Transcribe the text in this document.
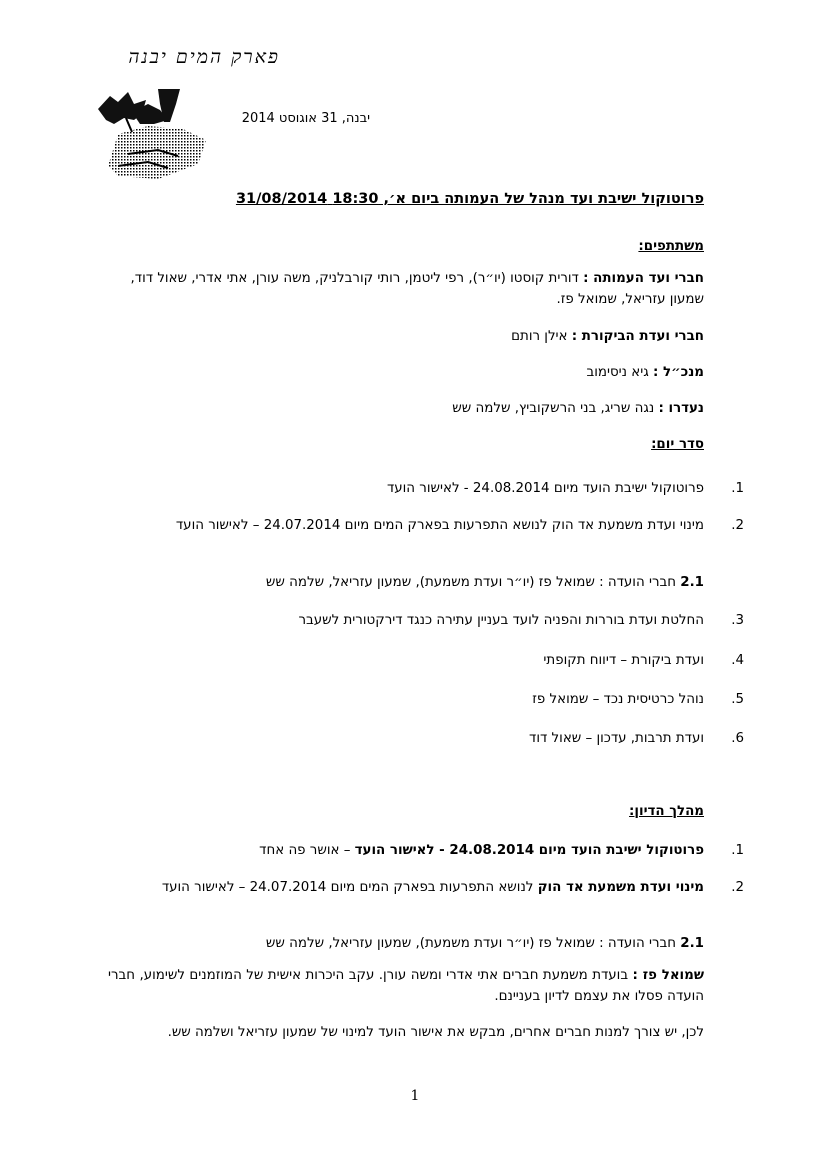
פארק המים יבנה
יבנה, 31 אוגוסט 2014
פרוטוקול ישיבת ועד מנהל של העמותה ביום א׳, 18:30 31/08/2014
משתתפים:
חברי ועד העמותה : דורית קוסטו (יו״ר), רפי ליטמן, רותי קורבלניק, משה עורן, אתי אדרי, שאול דוד, שמעון עזריאל, שמואל פז.
חברי ועדת הביקורת : אילן רותם
מנכ״ל : גיא ניסימוב
נעדרו : נגה שריג, בני הרשקוביץ, שלמה שש
סדר יום:
1.
פרוטוקול ישיבת הועד מיום 24.08.2014 - לאישור הועד
2.
מינוי ועדת משמעת אד הוק לנושא התפרעות בפארק המים מיום 24.07.2014 – לאישור הועד
2.1 חברי הועדה : שמואל פז (יו״ר ועדת משמעת), שמעון עזריאל, שלמה שש
3.
החלטת ועדת בוררות והפניה לועד בעניין עתירה כנגד דירקטורית לשעבר
4.
ועדת ביקורת – דיווח תקופתי
5.
נוהל כרטיסית נכד – שמואל פז
6.
ועדת תרבות, עדכון – שאול דוד
מהלך הדיון:
1.
פרוטוקול ישיבת הועד מיום 24.08.2014 - לאישור הועד – אושר פה אחד
2.
מינוי ועדת משמעת אד הוק לנושא התפרעות בפארק המים מיום 24.07.2014 – לאישור הועד
2.1 חברי הועדה : שמואל פז (יו״ר ועדת משמעת), שמעון עזריאל, שלמה שש
שמואל פז : בועדת משמעת חברים אתי אדרי ומשה עורן. עקב היכרות אישית של המוזמנים לשימוע, חברי הועדה פסלו את עצמם לדיון בעניינם.
לכן, יש צורך למנות חברים אחרים, מבקש את אישור הועד למינוי של שמעון עזריאל ושלמה שש.
1
